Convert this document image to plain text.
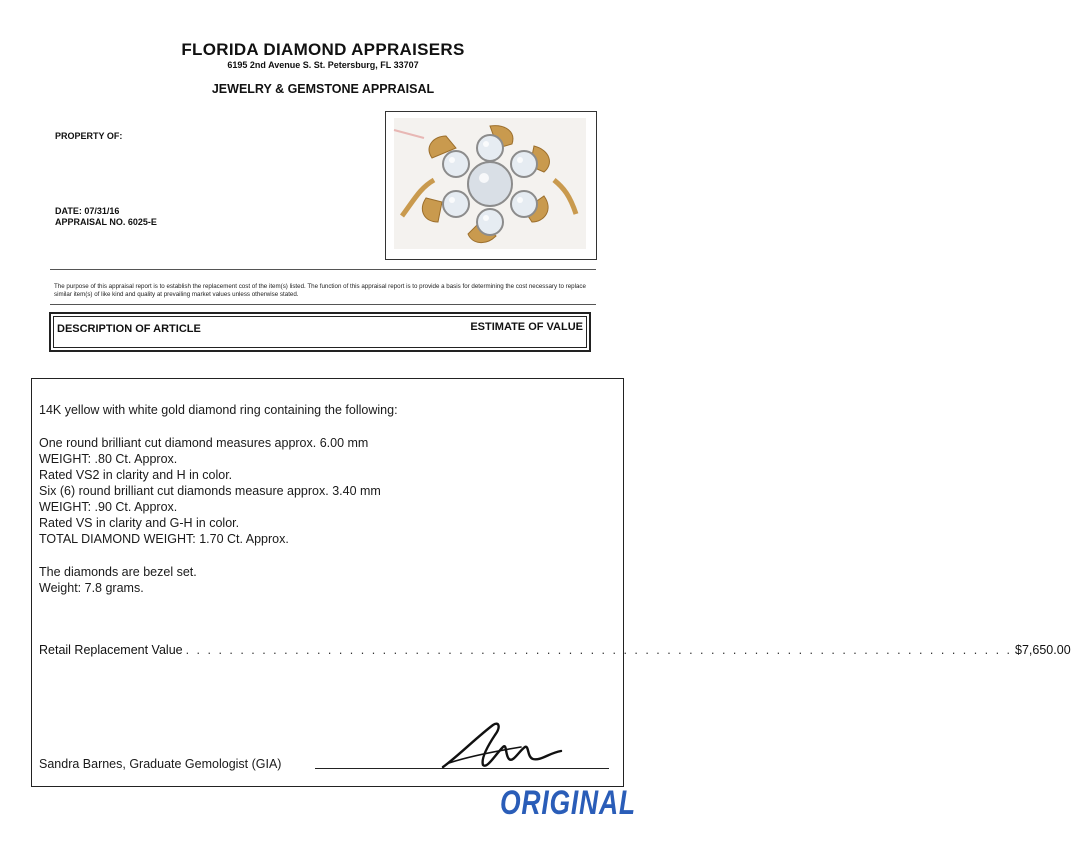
FLORIDA DIAMOND APPRAISERS
6195 2nd Avenue S. St. Petersburg, FL 33707
JEWELRY & GEMSTONE APPRAISAL
PROPERTY OF:
DATE: 07/31/16
APPRAISAL NO. 6025-E
The purpose of this appraisal report is to establish the replacement cost of the item(s) listed. The function of this appraisal report is to provide a basis for determining the cost necessary to replace similar item(s) of like kind and quality at prevailing market values unless otherwise stated.
DESCRIPTION OF ARTICLE	ESTIMATE OF VALUE
14K yellow with white gold diamond ring containing the following:
One round brilliant cut diamond measures approx. 6.00 mm
WEIGHT: .80 Ct. Approx.
Rated VS2 in clarity and H in color.
Six (6) round brilliant cut diamonds measure approx. 3.40 mm
WEIGHT: .90 Ct. Approx.
Rated VS in clarity and G-H in color.
TOTAL DIAMOND WEIGHT: 1.70 Ct. Approx.
The diamonds are bezel set.
Weight: 7.8 grams.
Retail Replacement Value . . . . . . . . . . . . . . . . . . . . . . . . . . . . . . . . . . . . . . . . . . . . . . . . . . . . . . . . . . . . . . . . . . . . . . . . . . . . $7,650.00
Sandra Barnes, Graduate Gemologist (GIA)
ORIGINAL
